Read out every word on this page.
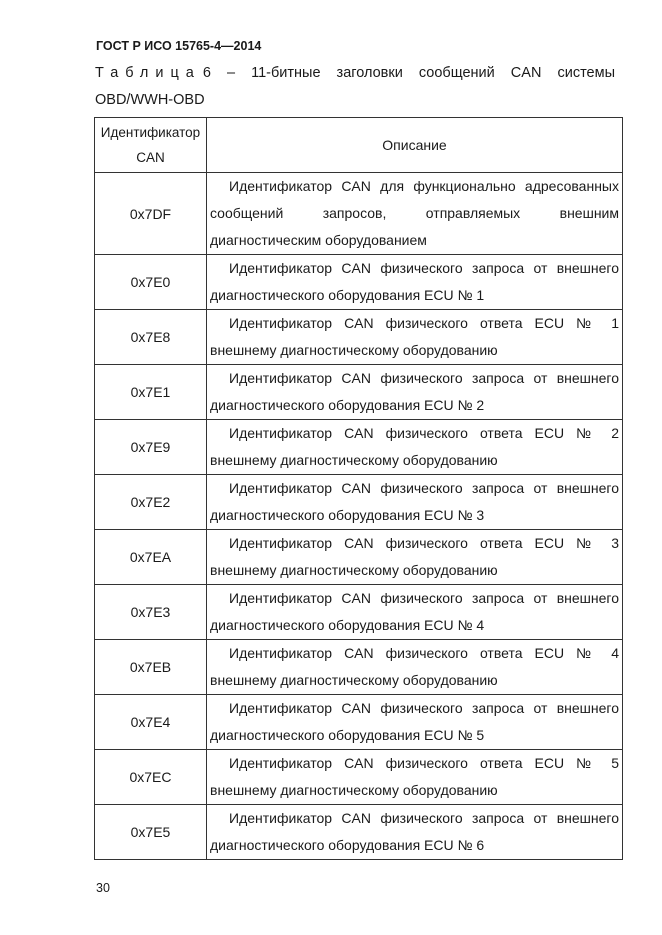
ГОСТ Р ИСО 15765-4—2014
Таблица 6 – 11-битные заголовки сообщений CAN системы
OBD/WWH-OBD
Идентификатор CAN	Описание
0x7DF	Идентификатор CAN для функционально адресованных сообщений запросов, отправляемых внешним диагностическим оборудованием

0x7E0	Идентификатор CAN физического запроса от внешнего диагностического оборудования ECU № 1

0x7E8	Идентификатор CAN физического ответа ECU № 1 внешнему диагностическому оборудованию

0x7E1	Идентификатор CAN физического запроса от внешнего диагностического оборудования ECU № 2

0x7E9	Идентификатор CAN физического ответа ECU № 2 внешнему диагностическому оборудованию

0x7E2	Идентификатор CAN физического запроса от внешнего диагностического оборудования ECU № 3

0x7EA	Идентификатор CAN физического ответа ECU № 3 внешнему диагностическому оборудованию

0x7E3	Идентификатор CAN физического запроса от внешнего диагностического оборудования ECU № 4

0x7EB	Идентификатор CAN физического ответа ECU № 4 внешнему диагностическому оборудованию

0x7E4	Идентификатор CAN физического запроса от внешнего диагностического оборудования ECU № 5

0x7EC	Идентификатор CAN физического ответа ECU № 5 внешнему диагностическому оборудованию

0x7E5	Идентификатор CAN физического запроса от внешнего диагностического оборудования ECU № 6
30
